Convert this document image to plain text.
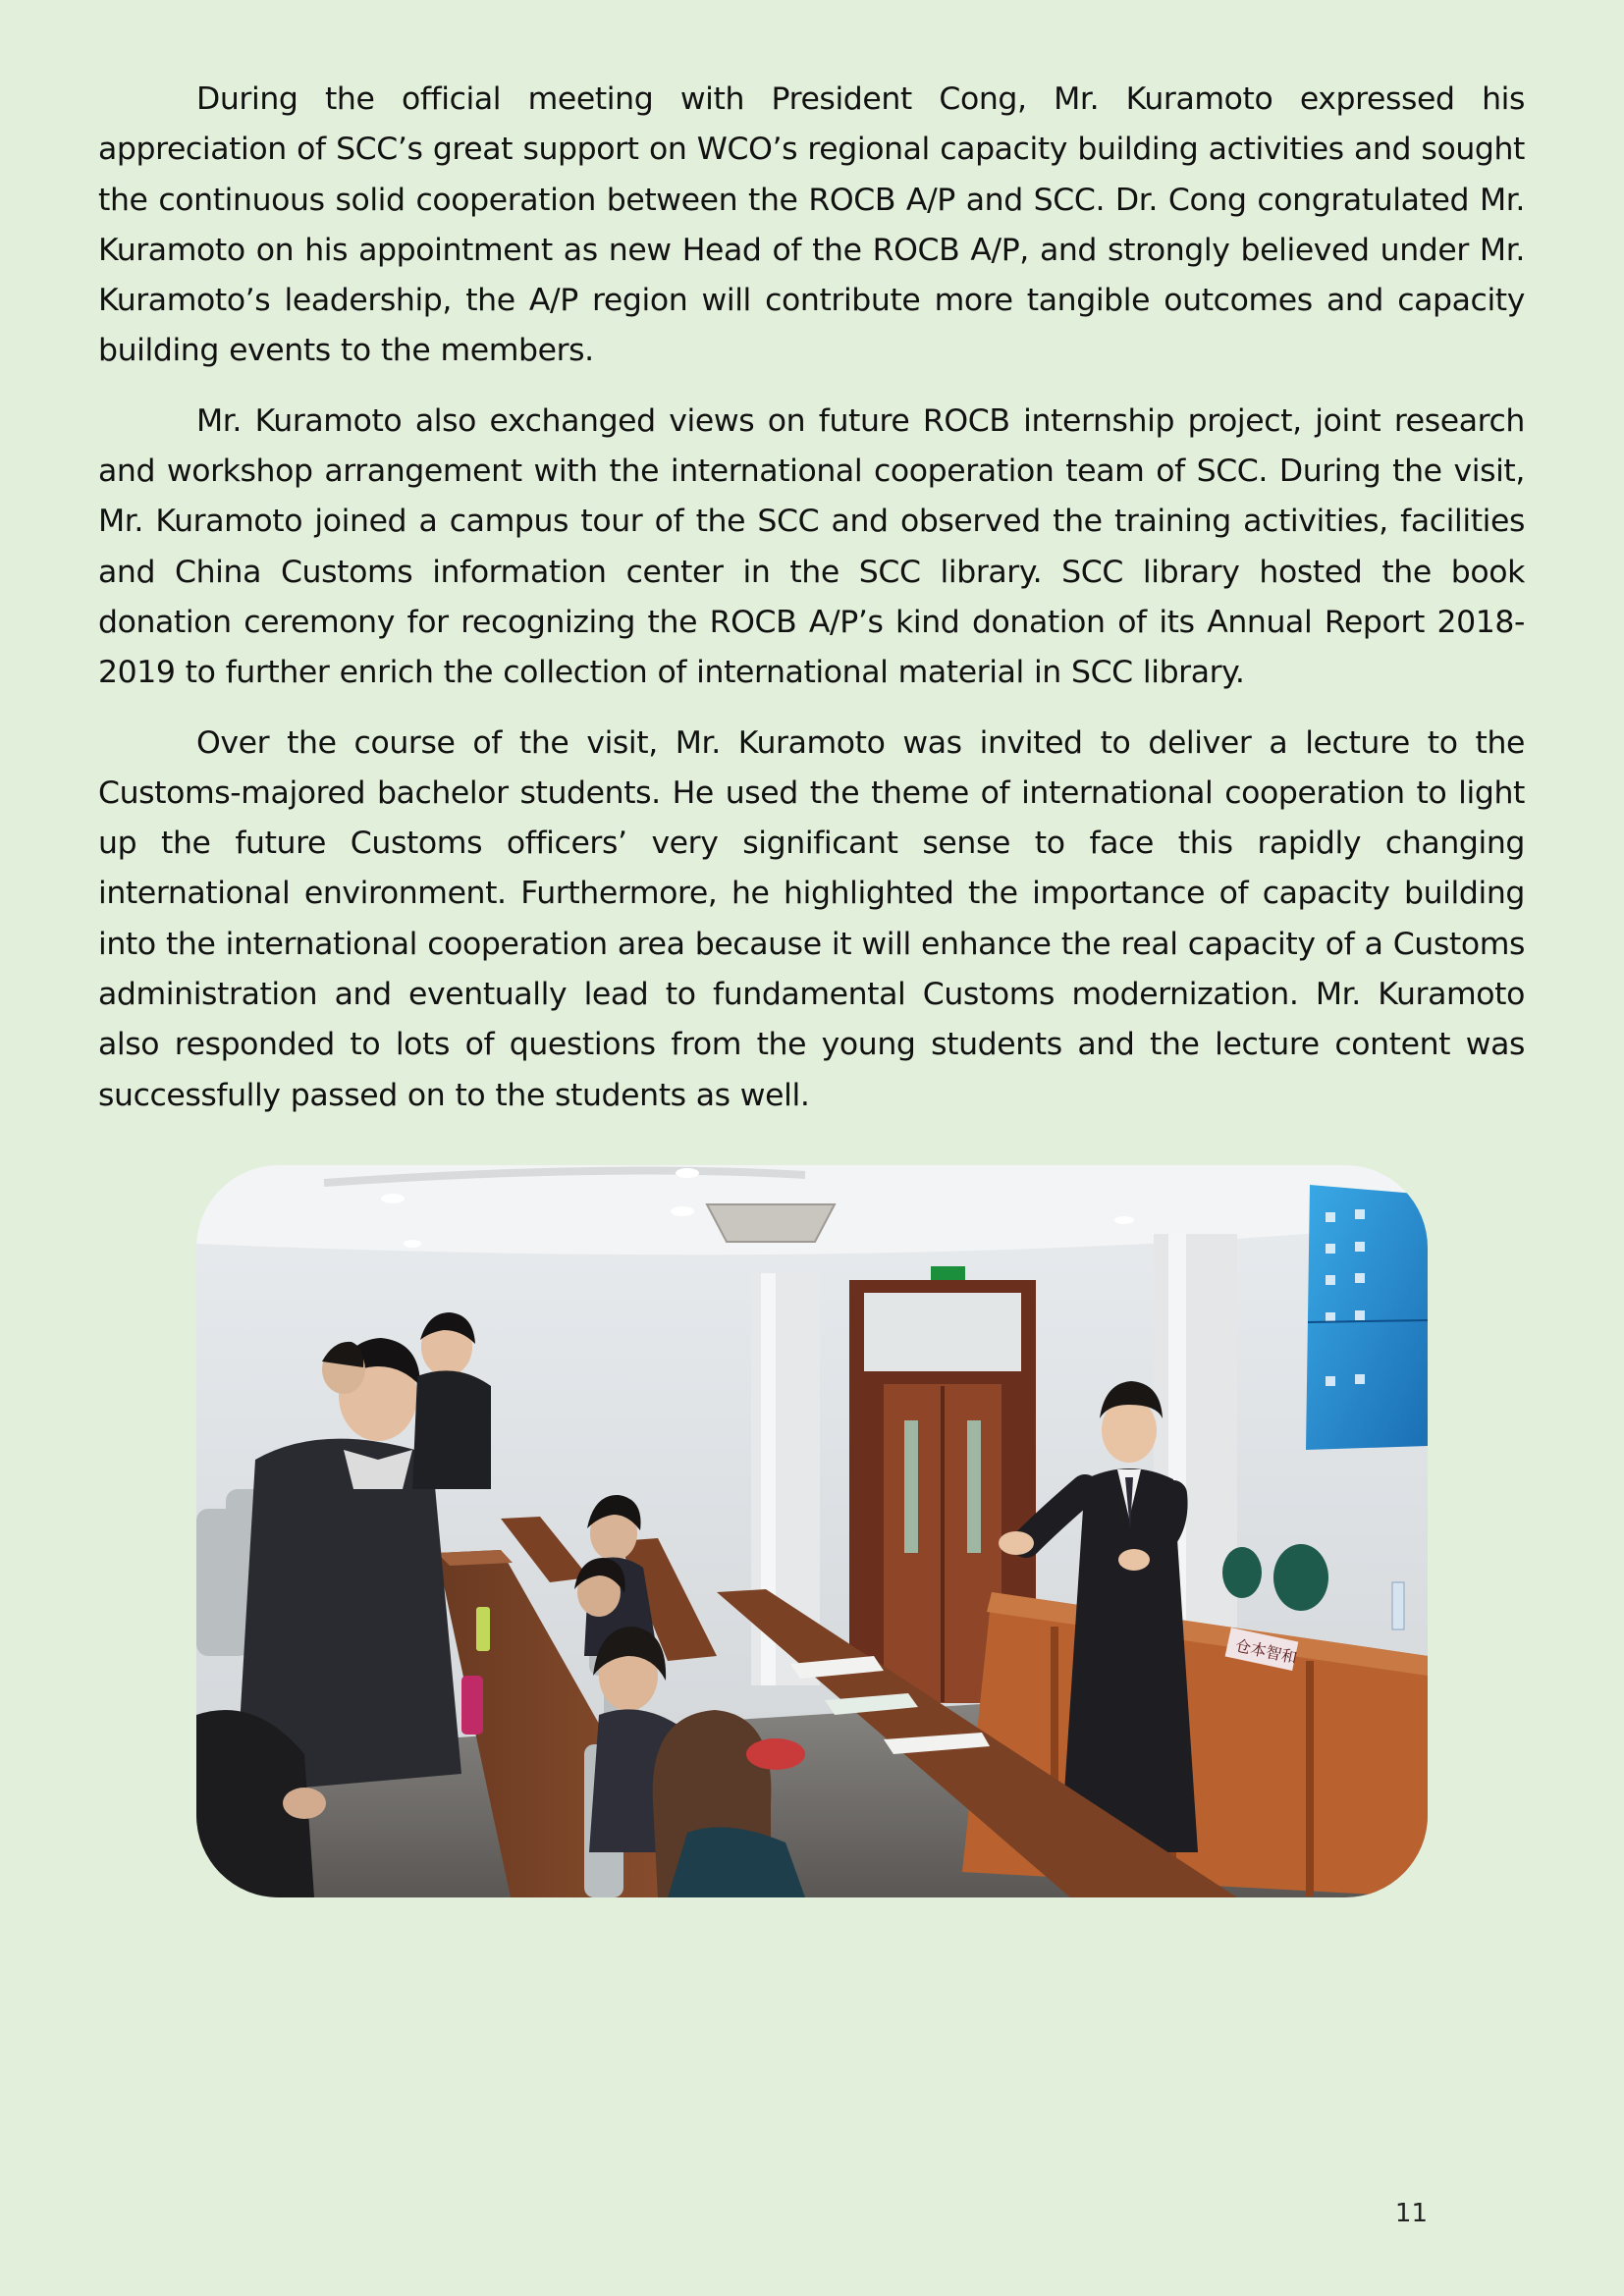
During the official meeting with President Cong, Mr. Kuramoto expressed his appreciation of SCC’s great support on WCO’s regional capacity building activities and sought the continuous solid cooperation between the ROCB A/P and SCC. Dr. Cong congratulated Mr. Kuramoto on his appointment as new Head of the ROCB A/P, and strongly believed under Mr. Kuramoto’s leadership, the A/P region will contribute more tangible outcomes and capacity building events to the members.

Mr. Kuramoto also exchanged views on future ROCB internship project, joint research and workshop arrangement with the international cooperation team of SCC. During the visit, Mr. Kuramoto joined a campus tour of the SCC and observed the training activities, facilities and China Customs information center in the SCC library. SCC library hosted the book donation ceremony for recognizing the ROCB A/P’s kind donation of its Annual Report 2018-2019 to further enrich the collection of international material in SCC library.

Over the course of the visit, Mr. Kuramoto was invited to deliver a lecture to the Customs-majored bachelor students. He used the theme of international cooperation to light up the future Customs officers’ very significant sense to face this rapidly changing international environment. Furthermore, he highlighted the importance of capacity building into the international cooperation area because it will enhance the real capacity of a Customs administration and eventually lead to fundamental Customs modernization. Mr. Kuramoto also responded to lots of questions from the young students and the lecture content was successfully passed on to the students as well.

仓本智和
11
